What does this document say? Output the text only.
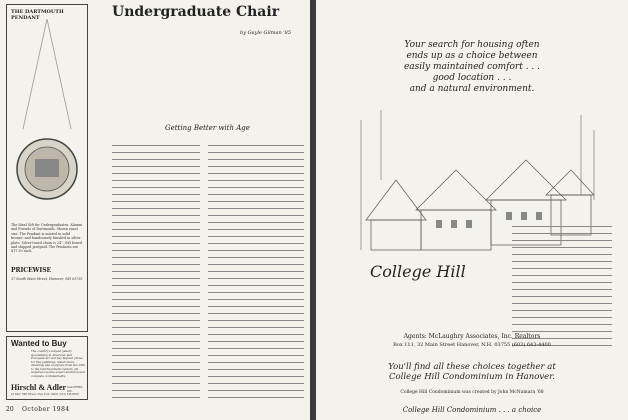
THE DARTMOUTH PENDANT
The Ideal Gift for Undergraduates, Alumni and Friends of Dartmouth. Shown exact size. The Pendant is minted in solid bronze, and handsomely finished in silver plate. Silver-toned chain is 24". Gift boxed and shipped postpaid. The Pendants are $17.50 each.
PRICEWISE
37 South Main Street, Hanover, NH 03755
Wanted to Buy
The country's largest gallery specializing in American and European art will pay highest prices for fine paintings, watercolors, drawings and sculpture from the 18th to the mid-Twentieth Century. All inquiries receive expert attention and complete confidentiality.
Hirschl & Adler GALLERIES INC.
21 East 70th Street, New York 10021 (212) 535-8810
Undergraduate Chair
by Gayle Gilman '85
Getting Better with Age
20 October 1984
Your search for housing often
ends up as a choice between
easily maintained comfort . . .
good location . . .
and a natural environment.
College Hill
Agents: McLaughry Associates, Inc. Realtors
Box 111, 32 Main Street Hanover, N.H. 03755 (603) 643-4400
You'll find all these choices together at
College Hill Condominium in Hanover.
College Hill Condominium was created by John McNamara '68
College Hill Condominium . . . a choice
